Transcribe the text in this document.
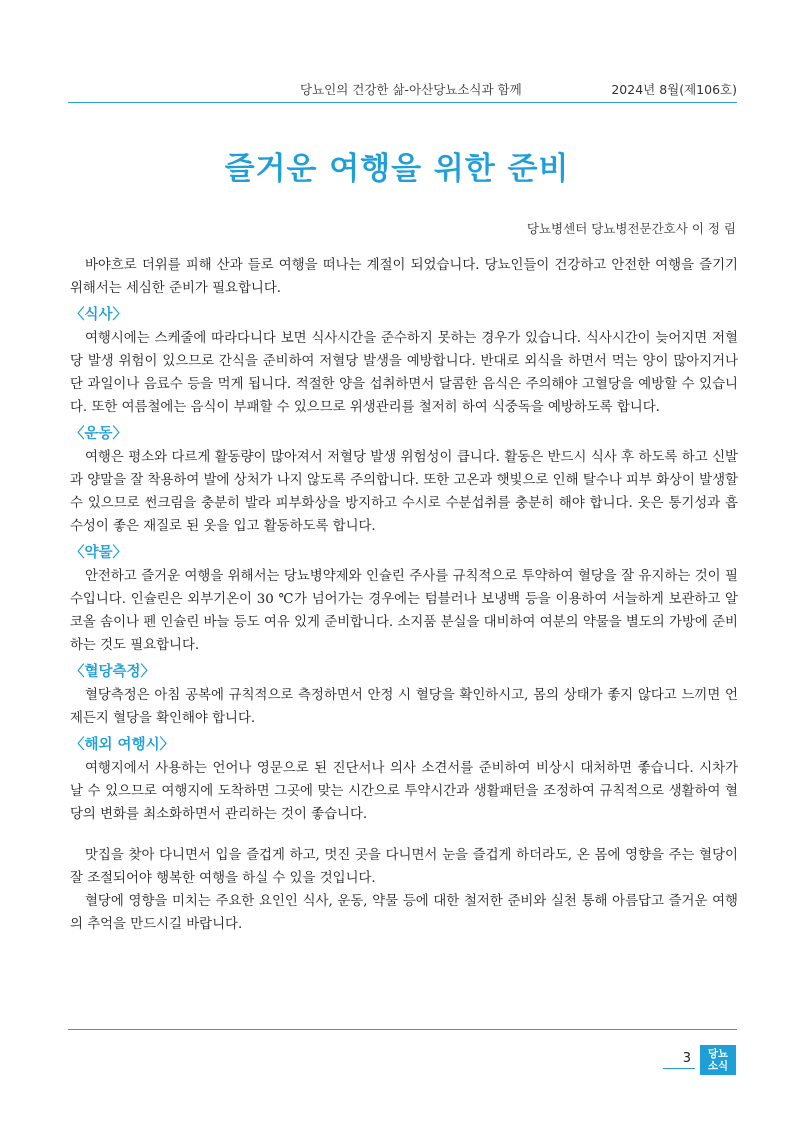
당뇨인의 건강한 삶-아산당뇨소식과 함께	2024년 8월(제106호)
즐거운 여행을 위한 준비
당뇨병센터 당뇨병전문간호사 이 정 림

바야흐로 더위를 피해 산과 들로 여행을 떠나는 계절이 되었습니다. 당뇨인들이 건강하고 안전한 여행을 즐기기 위해서는 세심한 준비가 필요합니다.

〈식사〉

여행시에는 스케줄에 따라다니다 보면 식사시간을 준수하지 못하는 경우가 있습니다. 식사시간이 늦어지면 저혈당 발생 위험이 있으므로 간식을 준비하여 저혈당 발생을 예방합니다. 반대로 외식을 하면서 먹는 양이 많아지거나 단 과일이나 음료수 등을 먹게 됩니다. 적절한 양을 섭취하면서 달콤한 음식은 주의해야 고혈당을 예방할 수 있습니다. 또한 여름철에는 음식이 부패할 수 있으므로 위생관리를 철저히 하여 식중독을 예방하도록 합니다.

〈운동〉

여행은 평소와 다르게 활동량이 많아져서 저혈당 발생 위험성이 큽니다. 활동은 반드시 식사 후 하도록 하고 신발과 양말을 잘 착용하여 발에 상처가 나지 않도록 주의합니다. 또한 고온과 햇빛으로 인해 탈수나 피부 화상이 발생할 수 있으므로 썬크림을 충분히 발라 피부화상을 방지하고 수시로 수분섭취를 충분히 해야 합니다. 옷은 통기성과 흡수성이 좋은 재질로 된 옷을 입고 활동하도록 합니다.

〈약물〉

안전하고 즐거운 여행을 위해서는 당뇨병약제와 인슐린 주사를 규칙적으로 투약하여 혈당을 잘 유지하는 것이 필수입니다. 인슐린은 외부기온이 30 ℃가 넘어가는 경우에는 텀블러나 보냉백 등을 이용하여 서늘하게 보관하고 알코올 솜이나 펜 인슐린 바늘 등도 여유 있게 준비합니다. 소지품 분실을 대비하여 여분의 약물을 별도의 가방에 준비하는 것도 필요합니다.

〈혈당측정〉

혈당측정은 아침 공복에 규칙적으로 측정하면서 안정 시 혈당을 확인하시고, 몸의 상태가 좋지 않다고 느끼면 언제든지 혈당을 확인해야 합니다.

〈해외 여행시〉

여행지에서 사용하는 언어나 영문으로 된 진단서나 의사 소견서를 준비하여 비상시 대처하면 좋습니다. 시차가 날 수 있으므로 여행지에 도착하면 그곳에 맞는 시간으로 투약시간과 생활패턴을 조정하여 규칙적으로 생활하여 혈당의 변화를 최소화하면서 관리하는 것이 좋습니다.

맛집을 찾아 다니면서 입을 즐겁게 하고, 멋진 곳을 다니면서 눈을 즐겁게 하더라도, 온 몸에 영향을 주는 혈당이 잘 조절되어야 행복한 여행을 하실 수 있을 것입니다.

혈당에 영향을 미치는 주요한 요인인 식사, 운동, 약물 등에 대한 철저한 준비와 실천 통해 아름답고 즐거운 여행의 추억을 만드시길 바랍니다.

3	당뇨
소식
